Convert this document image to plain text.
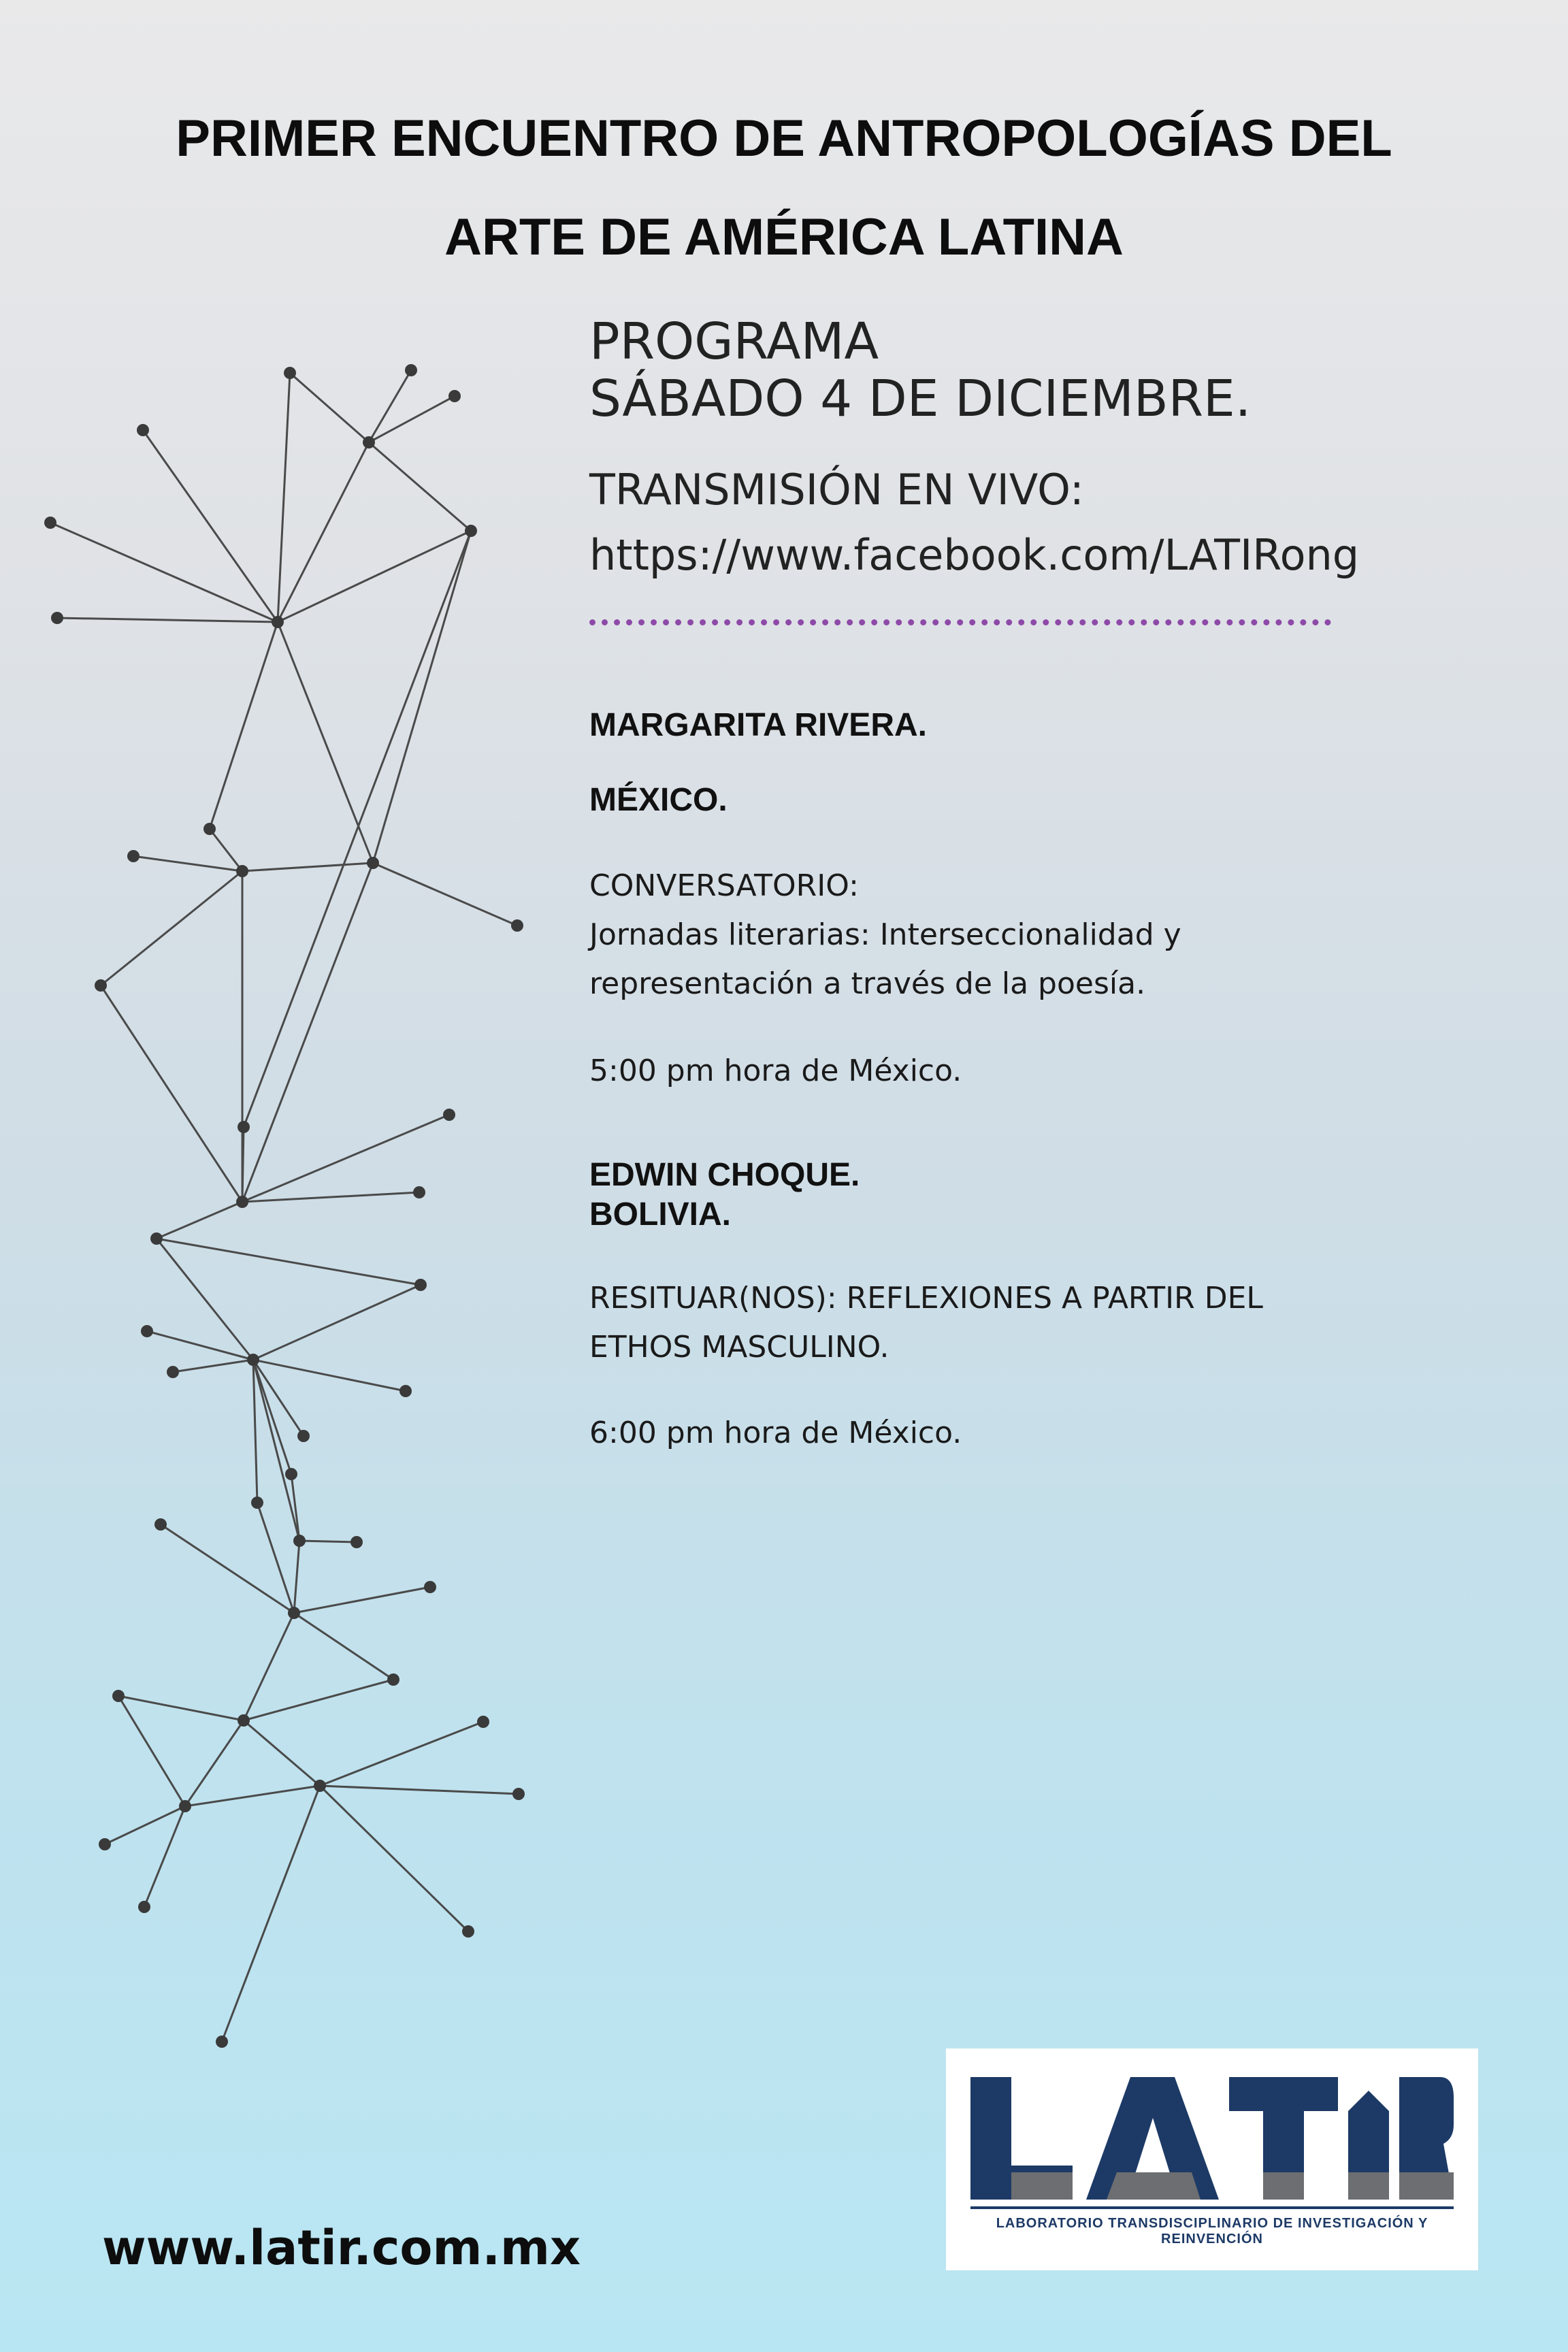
PRIMER ENCUENTRO DE ANTROPOLOGÍAS DEL
ARTE DE AMÉRICA LATINA
PROGRAMA
SÁBADO 4 DE DICIEMBRE.
TRANSMISIÓN EN VIVO:
https://www.facebook.com/LATIRong
MARGARITA RIVERA.
MÉXICO.
CONVERSATORIO:
Jornadas literarias: Interseccionalidad y
representación a través de la poesía.
5:00 pm hora de México.
EDWIN CHOQUE.
BOLIVIA.
RESITUAR(NOS): REFLEXIONES A PARTIR DEL
ETHOS MASCULINO.
6:00 pm hora de México.
www.latir.com.mx	LABORATORIO TRANSDISCIPLINARIO DE INVESTIGACIÓN Y REINVENCIÓN
